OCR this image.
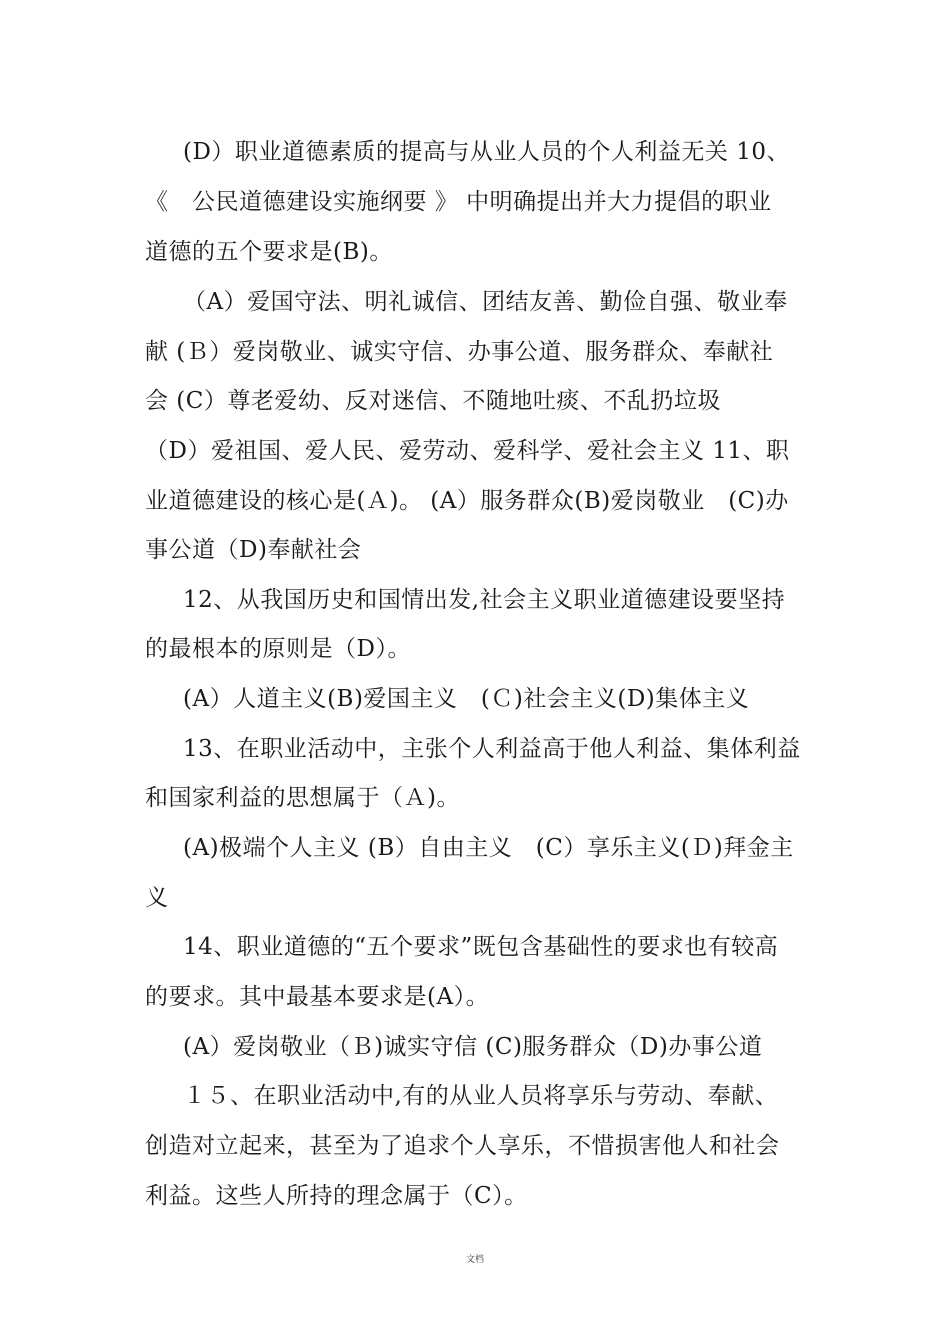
(D）职业道德素质的提高与从业人员的个人利益无关 10、
《　公民道德建设实施纲要 》 中明确提出并大力提倡的职业
道德的五个要求是(B)。
（A）爱国守法、明礼诚信、团结友善、勤俭自强、敬业奉
献 (Ｂ）爱岗敬业、诚实守信、办事公道、服务群众、奉献社
会 (C）尊老爱幼、反对迷信、不随地吐痰、不乱扔垃圾
（D）爱祖国、爱人民、爱劳动、爱科学、爱社会主义 11、职
业道德建设的核心是(Ａ)。 (A）服务群众(B)爱岗敬业　(C)办
事公道（D)奉献社会
12、从我国历史和国情出发,社会主义职业道德建设要坚持
的最根本的原则是（D）。
(A）人道主义(B)爱国主义　(Ｃ)社会主义(D)集体主义
13、在职业活动中，主张个人利益高于他人利益、集体利益
和国家利益的思想属于（Ａ)。
(A)极端个人主义 (B）自由主义　(C）享乐主义(Ｄ)拜金主
义
14、职业道德的“五个要求”既包含基础性的要求也有较高
的要求。其中最基本要求是(A）。
(A）爱岗敬业（Ｂ)诚实守信 (C)服务群众（D)办事公道
１５、在职业活动中,有的从业人员将享乐与劳动、奉献、
创造对立起来，甚至为了追求个人享乐，不惜损害他人和社会
利益。这些人所持的理念属于（C）。
文档
